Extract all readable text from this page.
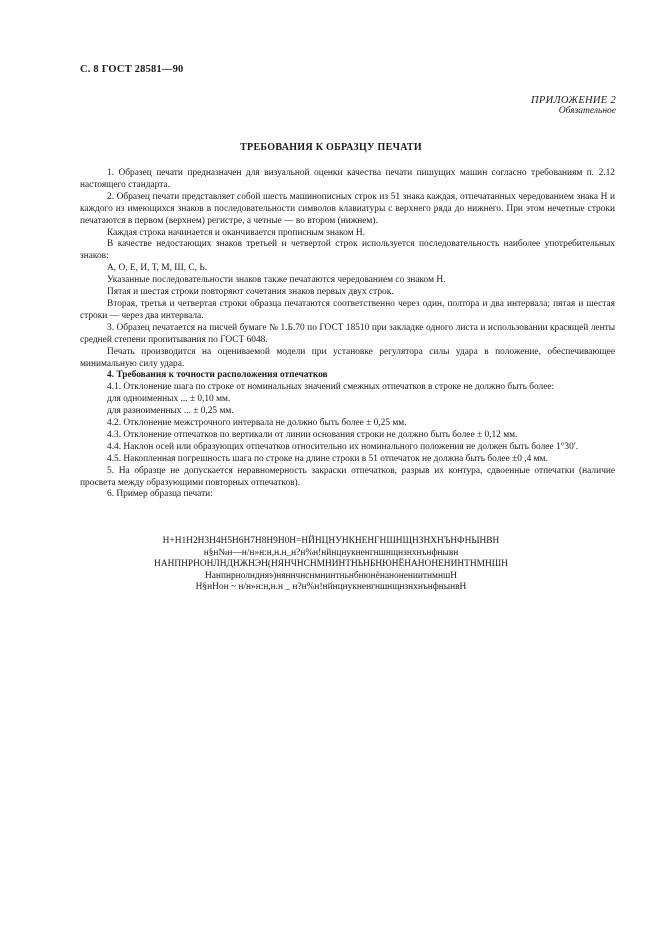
С. 8 ГОСТ 28581—90
ПРИЛОЖЕНИЕ 2
Обязательное
ТРЕБОВАНИЯ К ОБРАЗЦУ ПЕЧАТИ

1. Образец печати предназначен для визуальной оценки качества печати пишущих машин согласно требованиям п. 2.12 настоящего стандарта.

2. Образец печати представляет собой шесть машинописных строк из 51 знака каждая, отпечатанных чередованием знака Н и каждого из имеющихся знаков в последовательности символов клавиатуры с верхнего ряда до нижнего. При этом нечетные строки печатаются в первом (верхнем) регистре, а четные — во втором (нижнем).

Каждая строка начинается и оканчивается прописным знаком Н.

В качестве недостающих знаков третьей и четвертой строк используется последовательность наиболее употребительных знаков:

А, О, Е, И, Т, М, Ш, С, Ь.

Указанные последовательности знаков также печатаются чередованием со знаком Н.

Пятая и шестая строки повторяют сочетания знаков первых двух строк.

Вторая, третья и четвертая строки образца печатаются соответственно через один, полтора и два интервала; пятая и шестая строки — через два интервала.

3. Образец печатается на писчей бумаге № 1.Б.70 по ГОСТ 18510 при закладке одного листа и использовании красящей ленты средней степени пропитывания по ГОСТ 6048.

Печать производится на оцениваемой модели при установке регулятора силы удара в положение, обеспечивающее минимальную силу удара.

4. Требования к точности расположения отпечатков

4.1. Отклонение шага по строке от номинальных значений смежных отпечатков в строке не должно быть более:

для одноименных ... ± 0,10 мм.

для разноименных ... ± 0,25 мм.

4.2. Отклонение межстрочного интервала не должно быть более ± 0,25 мм.

4.3. Отклонение отпечатков по вертикали от линии основания строки не должно быть более ± 0,12 мм.

4.4. Наклон осей или образующих отпечатков относительно их номинального положения не должен быть более 1°30′.

4.5. Накопленная погрешность шага по строке на длине строки в 51 отпечаток не должна быть более ±0 ,4 мм.

5. На образце не допускается неравномерность закраски отпечатков, разрыв их контура, сдвоенные отпечатки (наличие просвета между образующими повторных отпечатков).

6. Пример образца печати:

Н+Н1Н2Н3Н4Н5Н6Н7Н8Н9Н0Н=НЙНЦНУНКНЕНГНШНЩНЗНХНЪНФНЫНВН
н§н№н—н/н»н:н,н.н_н?н%н!нйнцнукненгншнщнзнхнънфнывн
НАНПНРНОНЛНДНЖНЭН(НЯНЧНСНМНИНТНЬНБНЮНЁНАНОНЕНИНТНМНШН
Нанпнрнолндняэ)няннчнснмнинтньнбнюнёнанонениитнмншН
Н§нНон ~ н/н»н:н,н.н _ н?н%н!нйнцнукненгншнщнзнхнънфнынвН
